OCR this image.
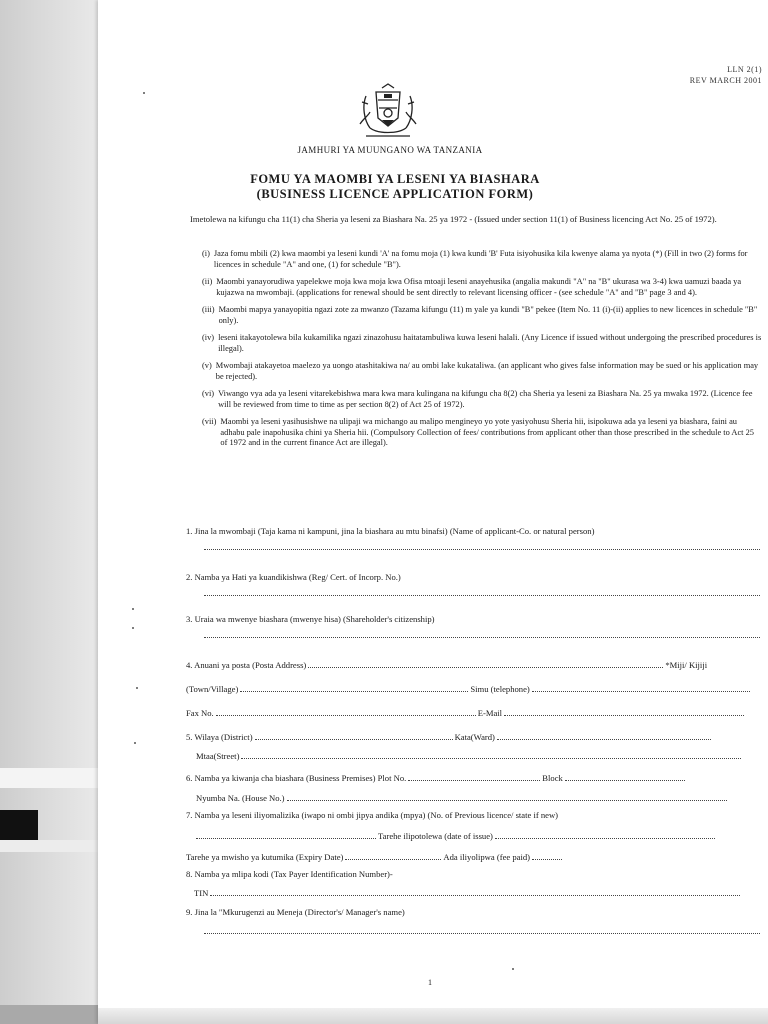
LLN 2(1)
REV MARCH 2001
JAMHURI YA MUUNGANO WA TANZANIA
FOMU YA MAOMBI YA LESENI YA BIASHARA
(BUSINESS LICENCE APPLICATION FORM)
Imetolewa na kifungu cha 11(1) cha Sheria ya leseni za Biashara Na. 25 ya 1972 - (Issued under section 11(1) of Business licencing Act No. 25 of 1972).
(i) Jaza fomu mbili (2) kwa maombi ya leseni kundi 'A' na fomu moja (1) kwa kundi 'B' Futa isiyohusika kila kwenye alama ya nyota (*) (Fill in two (2) forms for licences in schedule "A" and one, (1) for schedule "B").
(ii) Maombi yanayorudiwa yapelekwe moja kwa moja kwa Ofisa mtoaji leseni anayehusika (angalia makundi "A" na "B" ukurasa wa 3-4) kwa uamuzi baada ya kujazwa na mwombaji. (applications for renewal should be sent directly to relevant licensing officer - (see schedule "A" and "B" page 3 and 4).
(iii) Maombi mapya yanayopitia ngazi zote za mwanzo (Tazama kifungu (11) m yale ya kundi "B" pekee (Item No. 11 (i)-(ii) applies to new licences in schedule "B" only).
(iv) leseni itakayotolewa bila kukamilika ngazi zinazohusu haitatambuliwa kuwa leseni halali. (Any Licence if issued without undergoing the prescribed procedures is illegal).
(v) Mwombaji atakayetoa maelezo ya uongo atashitakiwa na/ au ombi lake kukataliwa. (an applicant who gives false information may be sued or his application may be rejected).
(vi) Viwango vya ada ya leseni vitarekebishwa mara kwa mara kulingana na kifungu cha 8(2) cha Sheria ya leseni za Biashara Na. 25 ya mwaka 1972. (Licence fee will be reviewed from time to time as per section 8(2) of Act 25 of 1972).
(vii) Maombi ya leseni yasihusishwe na ulipaji wa michango au malipo mengineyo yo yote yasiyohusu Sheria hii, isipokuwa ada ya leseni ya biashara, faini au adhabu pale inapohusika chini ya Sheria hii. (Compulsory Collection of fees/ contributions from applicant other than those prescribed in the schedule to Act 25 of 1972 and in the current finance Act are illegal).
1. Jina la mwombaji (Taja kama ni kampuni, jina la biashara au mtu binafsi) (Name of applicant-Co. or natural person)
2. Namba ya Hati ya kuandikishwa (Reg/ Cert. of Incorp. No.)
3. Uraia wa mwenye biashara (mwenye hisa) (Shareholder's citizenship)
4. Anuani ya posta (Posta Address)	*Miji/ Kijiji
(Town/Village)	Simu (telephone)
Fax No.	E-Mail
5. Wilaya (District)	Kata(Ward)
Mtaa(Street)
6. Namba ya kiwanja cha biashara (Business Premises) Plot No.	Block
Nyumba Na. (House No.)
7. Namba ya leseni iliyomalizika (iwapo ni ombi jipya andika (mpya) (No. of Previous licence/ state if new)
Tarehe ilipotolewa (date of issue)
Tarehe ya mwisho ya kutumika (Expiry Date)	Ada iliyolipwa (fee paid)
8. Namba ya mlipa kodi (Tax Payer Identification Number)-
TIN
9. Jina la "Mkurugenzi au Meneja (Director's/ Manager's name)
1
